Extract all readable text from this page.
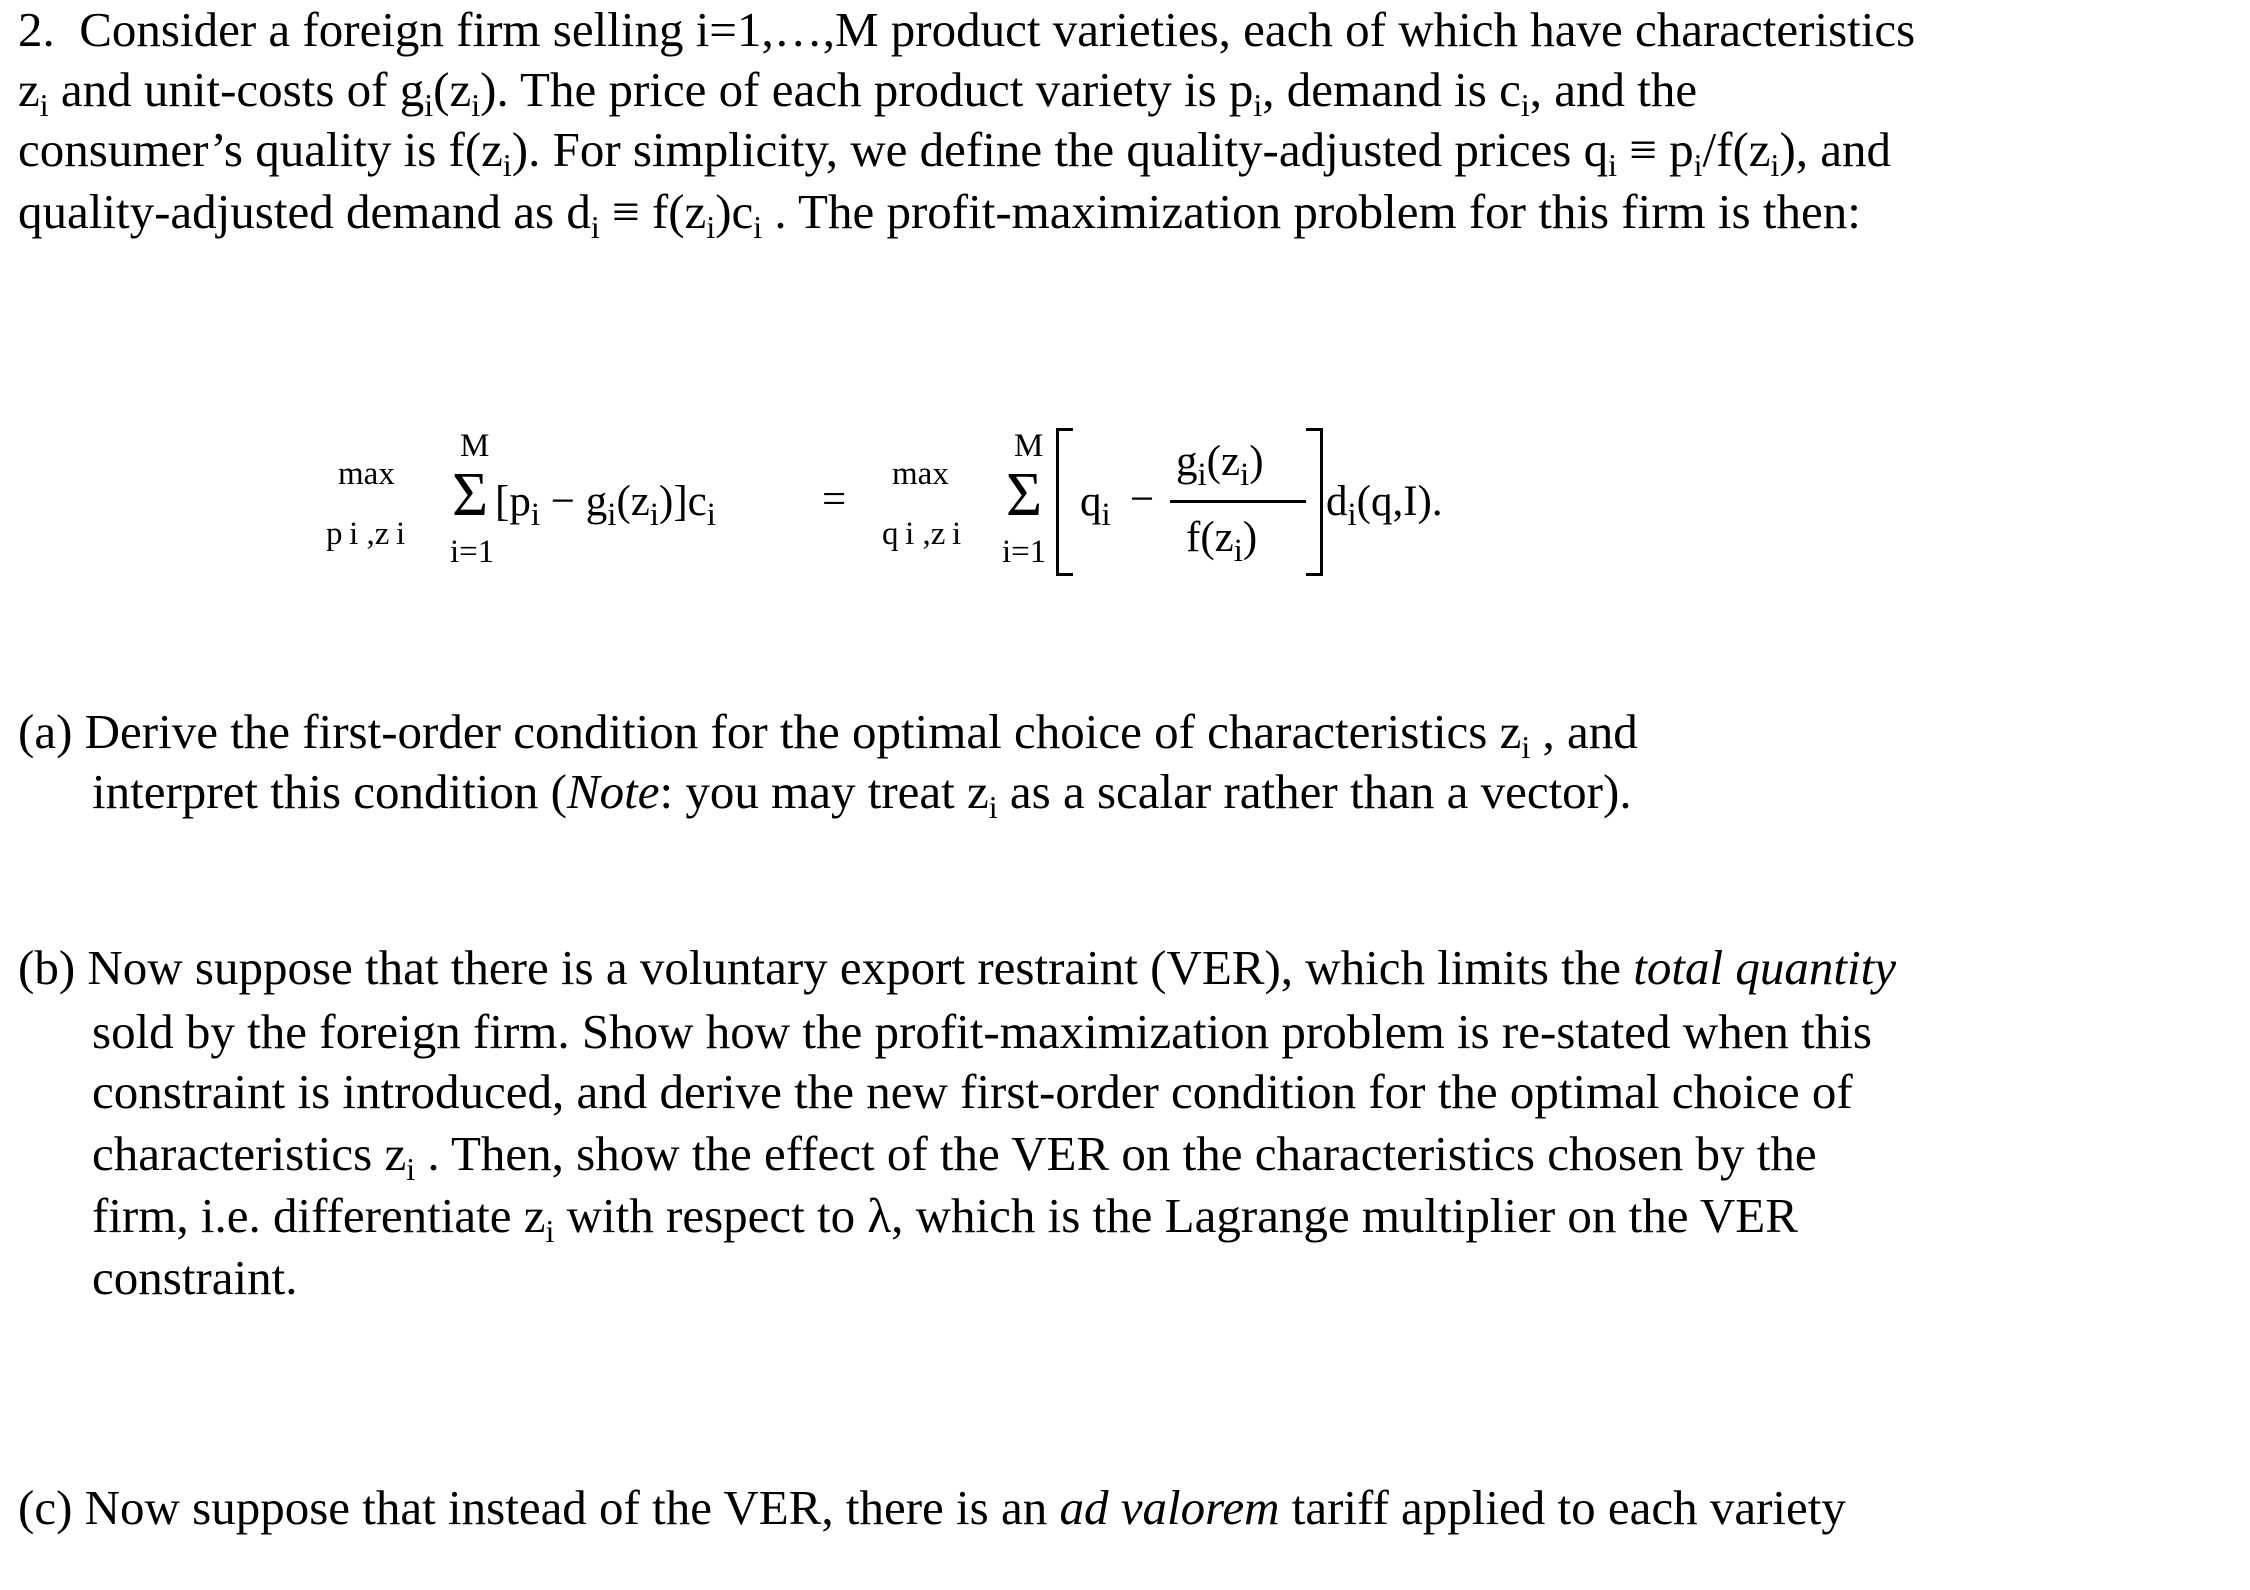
2. Consider a foreign firm selling i=1,…,M product varieties, each of which have characteristics
$z_i$ and unit-costs of $g_i(z_i)$. The price of each product variety is $p_i$, demand is $c_i$, and the
consumer’s quality is $f(z_i)$. For simplicity, we define the quality-adjusted prices $q_i \equiv p_i/f(z_i)$, and
quality-adjusted demand as $d_i \equiv f(z_i)c_i$ . The profit-maximization problem for this firm is then:
max
p i ,z i
M
Σ
i=1
$[p_i - g_i(z_i)]c_i$ =
max
q i ,z i
M
Σ
i=1
$q_i$ −
$g_i(z_i)$
$f(z_i)$
$d_i(q,I)$.
(a) Derive the first-order condition for the optimal choice of characteristics $z_i$ , and
interpret this condition (Note: you may treat $z_i$ as a scalar rather than a vector).
(b) Now suppose that there is a voluntary export restraint (VER), which limits the total quantity
sold by the foreign firm. Show how the profit-maximization problem is re-stated when this
constraint is introduced, and derive the new first-order condition for the optimal choice of
characteristics $z_i$ . Then, show the effect of the VER on the characteristics chosen by the
firm, i.e. differentiate $z_i$ with respect to λ, which is the Lagrange multiplier on the VER
constraint.
(c) Now suppose that instead of the VER, there is an ad valorem tariff applied to each variety
